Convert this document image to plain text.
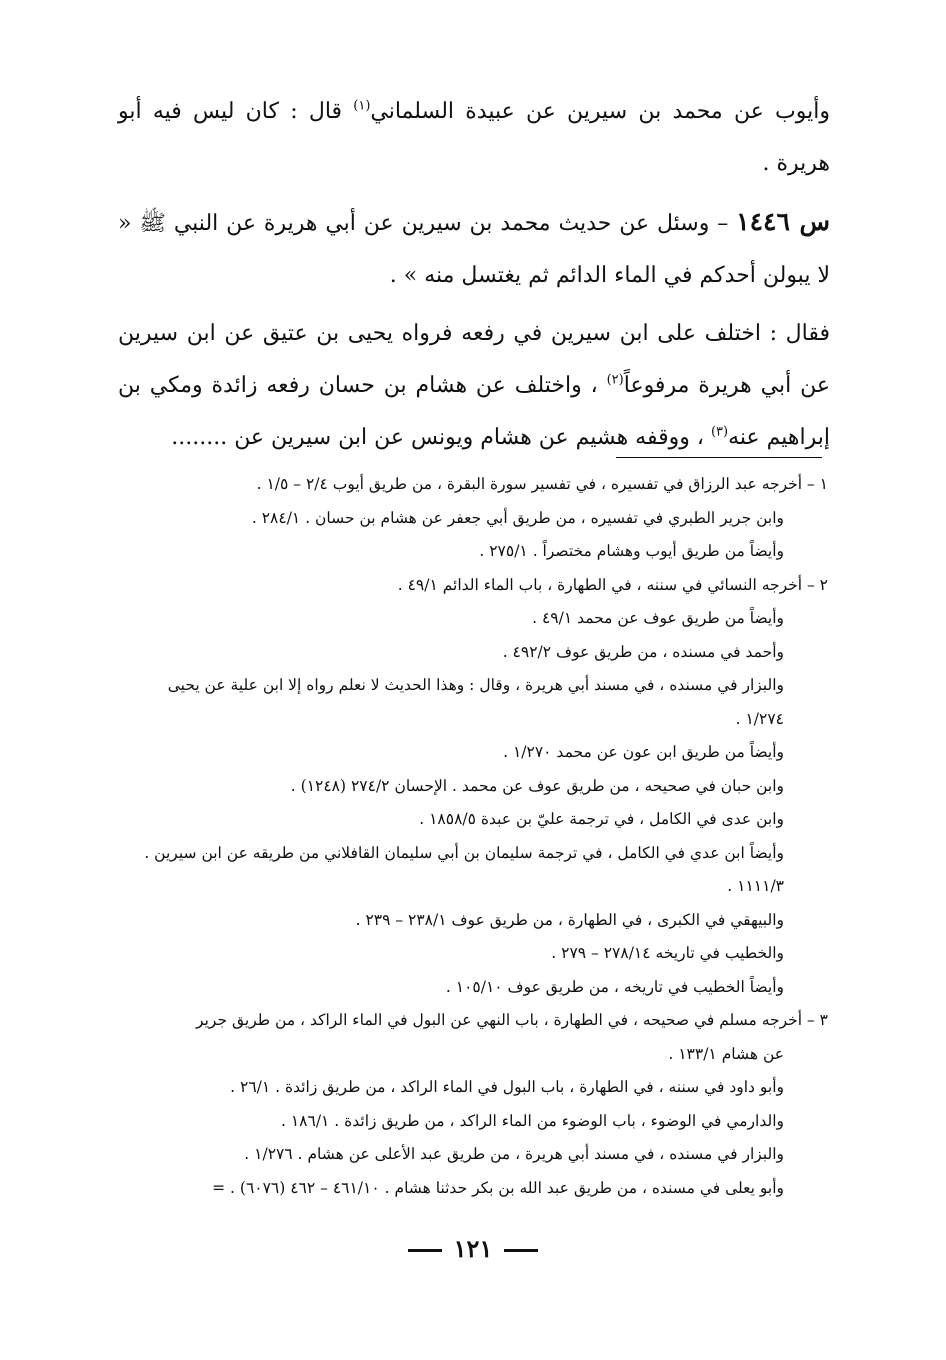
وأيوب عن محمد بن سيرين عن عبيدة السلماني$^{(١)}$ قال : كان ليس فيه أبو هريرة .

س ١٤٤٦ – وسئل عن حديث محمد بن سيرين عن أبي هريرة عن النبي ﷺ « لا يبولن أحدكم في الماء الدائم ثم يغتسل منه » .

فقال : اختلف على ابن سيرين في رفعه فرواه يحيى بن عتيق عن ابن سيرين عن أبي هريرة مرفوعاً$^{(٢)}$ ، واختلف عن هشام بن حسان رفعه زائدة ومكي بن إبراهيم عنه$^{(٣)}$ ، ووقفه هشيم عن هشام ويونس عن ابن سيرين عن ........

١ – أخرجه عبد الرزاق في تفسيره ، في تفسير سورة البقرة ، من طريق أيوب ٢/٤ – ١/٥ .
وابن جرير الطبري في تفسيره ، من طريق أبي جعفر عن هشام بن حسان . ٢٨٤/١ .
وأيضاً من طريق أيوب وهشام مختصراً . ٢٧٥/١ .
٢ – أخرجه النسائي في سننه ، في الطهارة ، باب الماء الدائم ٤٩/١ .
وأيضاً من طريق عوف عن محمد ٤٩/١ .
وأحمد في مسنده ، من طريق عوف ٤٩٢/٢ .
والبزار في مسنده ، في مسند أبي هريرة ، وقال : وهذا الحديث لا نعلم رواه إلا ابن علية عن يحيى
١/٢٧٤ .
وأيضاً من طريق ابن عون عن محمد ١/٢٧٠ .
وابن حبان في صحيحه ، من طريق عوف عن محمد . الإحسان ٢٧٤/٢ (١٢٤٨) .
وابن عدى في الكامل ، في ترجمة عليّ بن عبدة ١٨٥٨/٥ .
وأيضاً ابن عدي في الكامل ، في ترجمة سليمان بن أبي سليمان القافلاني من طريقه عن ابن سيرين .
١١١١/٣ .
والبيهقي في الكبرى ، في الطهارة ، من طريق عوف ٢٣٨/١ – ٢٣٩ .
والخطيب في تاريخه ٢٧٨/١٤ – ٢٧٩ .
وأيضاً الخطيب في تاريخه ، من طريق عوف ١٠٥/١٠ .
٣ – أخرجه مسلم في صحيحه ، في الطهارة ، باب النهي عن البول في الماء الراكد ، من طريق جرير
عن هشام ١٣٣/١ .
وأبو داود في سننه ، في الطهارة ، باب البول في الماء الراكد ، من طريق زائدة . ٢٦/١ .
والدارمي في الوضوء ، باب الوضوء من الماء الراكد ، من طريق زائدة . ١٨٦/١ .
والبزار في مسنده ، في مسند أبي هريرة ، من طريق عبد الأعلى عن هشام . ١/٢٧٦ .
وأبو يعلى في مسنده ، من طريق عبد الله بن بكر حدثنا هشام . ٤٦١/١٠ – ٤٦٢ (٦٠٧٦) . =
١٢١
